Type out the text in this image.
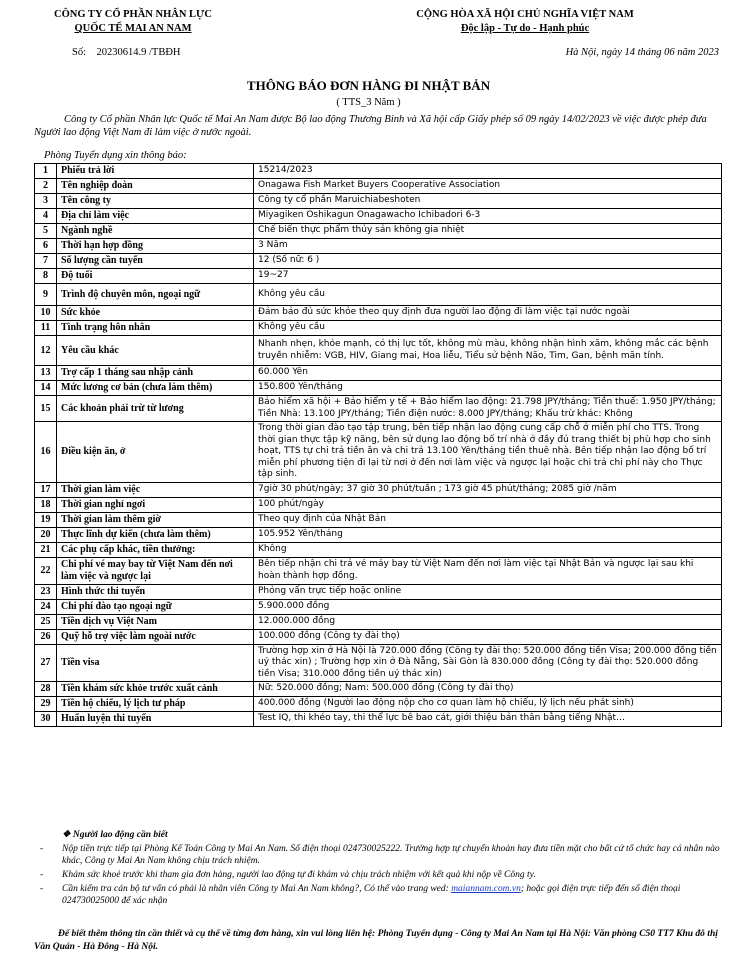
CÔNG TY CỔ PHẦN NHÂN LỰC
QUỐC TẾ MAI AN NAM
CỘNG HÒA XÃ HỘI CHỦ NGHĨA VIỆT NAM
Độc lập - Tự do - Hạnh phúc
Số: 20230614.9 /TBĐH	Hà Nội, ngày 14 tháng 06 năm 2023
THÔNG BÁO ĐƠN HÀNG ĐI NHẬT BẢN
( TTS_3 Năm )
Công ty Cổ phần Nhân lực Quốc tế Mai An Nam được Bộ lao động Thương Binh và Xã hội cấp Giấy phép số 09 ngày 14/02/2023 về việc được phép đưa Người lao động Việt Nam đi làm việc ở nước ngoài.
Phòng Tuyển dụng xin thông báo:
1	Phiếu trả lời	15214/2023
2	Tên nghiệp đoàn	Onagawa Fish Market Buyers Cooperative Association
3	Tên công ty	Công ty cổ phần Maruichiabeshoten
4	Địa chỉ làm việc	Miyagiken Oshikagun Onagawacho Ichibadori 6-3
5	Ngành nghề	Chế biến thực phẩm thủy sản không gia nhiệt
6	Thời hạn hợp đồng	3 Năm
7	Số lượng cần tuyển	12 (Số nữ: 6 )
8	Độ tuổi	19~27
9	Trình độ chuyên môn, ngoại ngữ	Không yêu cầu
10	Sức khỏe	Đảm bảo đủ sức khỏe theo quy định đưa người lao động đi làm việc tại nước ngoài
11	Tình trạng hôn nhân	Không yêu cầu
12	Yêu cầu khác	Nhanh nhẹn, khỏe mạnh, có thị lực tốt, không mù màu, không nhận hình xăm, không mắc các bệnh truyền nhiễm: VGB, HIV, Giang mai, Hoa liễu, Tiểu sử bệnh Não, Tim, Gan, bệnh mãn tính.
13	Trợ cấp 1 tháng sau nhập cảnh	60.000 Yên
14	Mức lương cơ bản (chưa làm thêm)	150.800 Yên/tháng
15	Các khoản phải trừ từ lương	Bảo hiểm xã hội + Bảo hiểm y tế + Bảo hiểm lao động: 21.798 JPY/tháng; Tiền thuế: 1.950 JPY/tháng; Tiền Nhà: 13.100 JPY/tháng; Tiền điện nước: 8.000 JPY/tháng; Khấu trừ khác: Không
16	Điều kiện ăn, ở	Trong thời gian đào tạo tập trung, bên tiếp nhận lao động cung cấp chỗ ở miễn phí cho TTS. Trong thời gian thực tập kỹ năng, bên sử dụng lao động bố trí nhà ở đầy đủ trang thiết bị phù hợp cho sinh hoạt, TTS tự chi trả tiền ăn và chi trả 13.100 Yên/tháng tiền thuê nhà. Bên tiếp nhận lao động bố trí miễn phí phương tiện đi lại từ nơi ở đến nơi làm việc và ngược lại hoặc chi trả chi phí này cho Thực tập sinh.
17	Thời gian làm việc	7giờ 30 phút/ngày; 37 giờ 30 phút/tuần ; 173 giờ 45 phút/tháng; 2085 giờ /năm
18	Thời gian nghỉ ngơi	100 phút/ngày
19	Thời gian làm thêm giờ	Theo quy định của Nhật Bản
20	Thực lĩnh dự kiến (chưa làm thêm)	105.952 Yên/tháng
21	Các phụ cấp khác, tiền thưởng:	Không
22	Chi phí vé may bay từ Việt Nam đến nơi làm việc và ngược lại	Bên tiếp nhận chi trả vé máy bay từ Việt Nam đến nơi làm việc tại Nhật Bản và ngược lại sau khi hoàn thành hợp đồng.
23	Hình thức thi tuyển	Phỏng vấn trực tiếp hoặc online
24	Chi phí đào tạo ngoại ngữ	5.900.000 đồng
25	Tiền dịch vụ Việt Nam	12.000.000 đồng
26	Quỹ hỗ trợ việc làm ngoài nước	100.000 đồng (Công ty đài thọ)
27	Tiền visa	Trường hợp xin ở Hà Nội là 720.000 đồng (Công ty đài thọ: 520.000 đồng tiền Visa; 200.000 đồng tiền uỷ thác xin) ; Trường hợp xin ở Đà Nẵng, Sài Gòn là 830.000 đồng (Công ty đài thọ: 520.000 đồng tiền Visa; 310.000 đồng tiền uỷ thác xin)
28	Tiền khám sức khỏe trước xuất cảnh	Nữ: 520.000 đồng; Nam: 500.000 đồng (Công ty đài thọ)
29	Tiền hộ chiếu, lý lịch tư pháp	400.000 đồng (Người lao động nộp cho cơ quan làm hộ chiếu, lý lịch nếu phát sinh)
30	Huấn luyện thi tuyển	Test IQ, thi khéo tay, thi thể lực bê bao cát, giới thiệu bản thân bằng tiếng Nhật…
❖ Người lao động cần biết
- Nộp tiền trực tiếp tại Phòng Kế Toán Công ty Mai An Nam. Số điện thoại 024730025222. Trường hợp tự chuyển khoản hay đưa tiền mặt cho bất cứ tổ chức hay cá nhân nào khác, Công ty Mai An Nam không chịu trách nhiệm.
- Khám sức khoẻ trước khi tham gia đơn hàng, người lao động tự đi khám và chịu trách nhiệm với kết quả khi nộp về Công ty.
- Cần kiểm tra cán bộ tư vấn có phải là nhân viên Công ty Mai An Nam không?, Có thể vào trang wed: maiannam.com.vn; hoặc gọi điện trực tiếp đến số điện thoại 024730025000 để xác nhận
Để biết thêm thông tin cần thiết và cụ thể về từng đơn hàng, xin vui lòng liên hệ: Phòng Tuyển dụng - Công ty Mai An Nam tại Hà Nội: Văn phòng C50 TT7 Khu đô thị Văn Quán - Hà Đông - Hà Nội.
